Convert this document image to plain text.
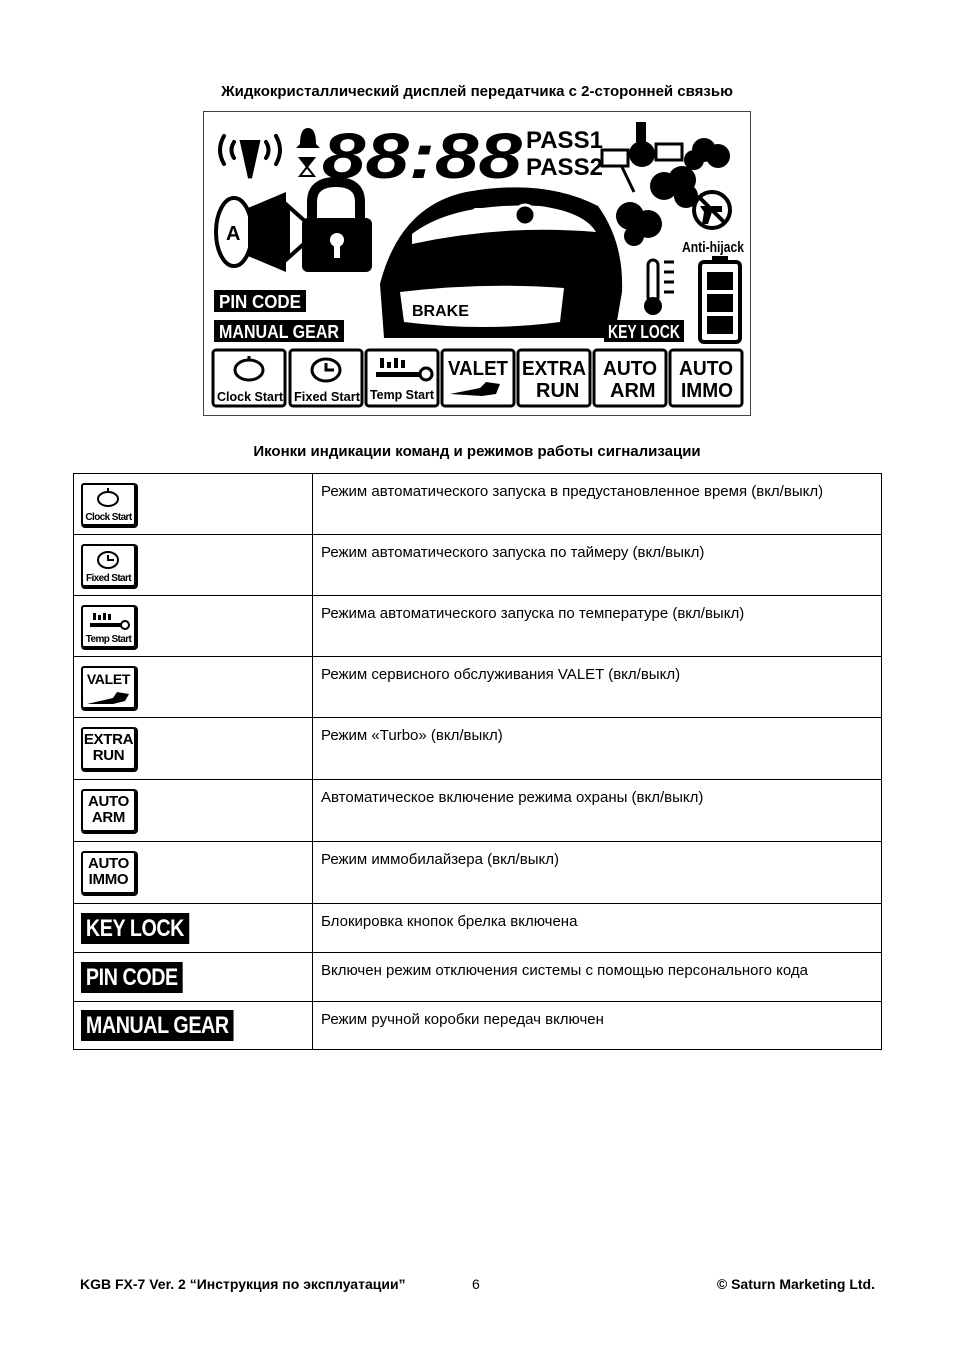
Жидкокристаллический дисплей передатчика с 2-сторонней связью
88:88 PASS1
PASS2
Anti-hijack
A
BRAKE
PIN CODE
MANUAL GEAR	KEY LOCK
Clock Start Fixed Start Temp Start
VALET EXTRA
RUN
AUTO
ARM
AUTO
IMMO
Иконки индикации команд и режимов работы сигнализации
Clock Start	Режим автоматического запуска в предустановленное время (вкл/выкл)

Fixed Start	Режим автоматического запуска по таймеру (вкл/выкл)

Temp Start	Режима автоматического запуска по температуре (вкл/выкл)

VALET	Режим сервисного обслуживания VALET (вкл/выкл)

EXTRA
RUN	Режим «Turbo» (вкл/выкл)

AUTO
ARM	Автоматическое включение режима охраны (вкл/выкл)

AUTO
IMMO	Режим иммобилайзера (вкл/выкл)

KEY LOCK	Блокировка кнопок брелка включена

PIN CODE	Включен режим отключения системы с помощью персонального кода

MANUAL GEAR	Режим ручной коробки передач включен
KGB FX-7 Ver. 2 “Инструкция по эксплуатации”	6	© Saturn Marketing Ltd.
